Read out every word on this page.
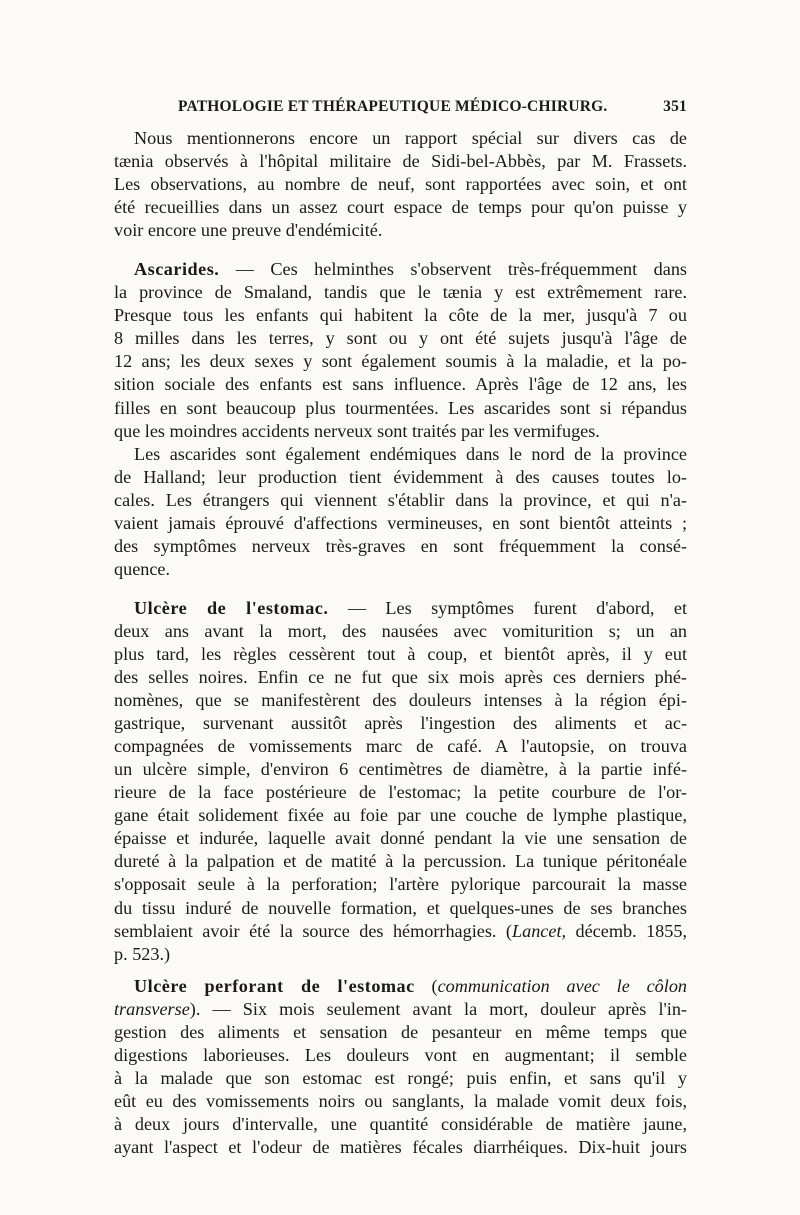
PATHOLOGIE ET THÉRAPEUTIQUE MÉDICO-CHIRURG.	351
Nous mentionnerons encore un rapport spécial sur divers cas de
tænia observés à l'hôpital militaire de Sidi-bel-Abbès, par M. Frassets.
Les observations, au nombre de neuf, sont rapportées avec soin, et ont
été recueillies dans un assez court espace de temps pour qu'on puisse y
voir encore une preuve d'endémicité.
Ascarides. — Ces helminthes s'observent très-fréquemment dans
la province de Smaland, tandis que le tænia y est extrêmement rare.
Presque tous les enfants qui habitent la côte de la mer, jusqu'à 7 ou
8 milles dans les terres, y sont ou y ont été sujets jusqu'à l'âge de
12 ans; les deux sexes y sont également soumis à la maladie, et la po-
sition sociale des enfants est sans influence. Après l'âge de 12 ans, les
filles en sont beaucoup plus tourmentées. Les ascarides sont si répandus
que les moindres accidents nerveux sont traités par les vermifuges.
Les ascarides sont également endémiques dans le nord de la province
de Halland; leur production tient évidemment à des causes toutes lo-
cales. Les étrangers qui viennent s'établir dans la province, et qui n'a-
vaient jamais éprouvé d'affections vermineuses, en sont bientôt atteints ;
des symptômes nerveux très-graves en sont fréquemment la consé-
quence.
Ulcère de l'estomac. — Les symptômes furent d'abord, et
deux ans avant la mort, des nausées avec vomiturition s; un an
plus tard, les règles cessèrent tout à coup, et bientôt après, il y eut
des selles noires. Enfin ce ne fut que six mois après ces derniers phé-
nomènes, que se manifestèrent des douleurs intenses à la région épi-
gastrique, survenant aussitôt après l'ingestion des aliments et ac-
compagnées de vomissements marc de café. A l'autopsie, on trouva
un ulcère simple, d'environ 6 centimètres de diamètre, à la partie infé-
rieure de la face postérieure de l'estomac; la petite courbure de l'or-
gane était solidement fixée au foie par une couche de lymphe plastique,
épaisse et indurée, laquelle avait donné pendant la vie une sensation de
dureté à la palpation et de matité à la percussion. La tunique péritonéale
s'opposait seule à la perforation; l'artère pylorique parcourait la masse
du tissu induré de nouvelle formation, et quelques-unes de ses branches
semblaient avoir été la source des hémorrhagies. (Lancet, décemb. 1855,
p. 523.)
Ulcère perforant de l'estomac (communication avec le côlon
transverse). — Six mois seulement avant la mort, douleur après l'in-
gestion des aliments et sensation de pesanteur en même temps que
digestions laborieuses. Les douleurs vont en augmentant; il semble
à la malade que son estomac est rongé; puis enfin, et sans qu'il y
eût eu des vomissements noirs ou sanglants, la malade vomit deux fois,
à deux jours d'intervalle, une quantité considérable de matière jaune,
ayant l'aspect et l'odeur de matières fécales diarrhéiques. Dix-huit jours
